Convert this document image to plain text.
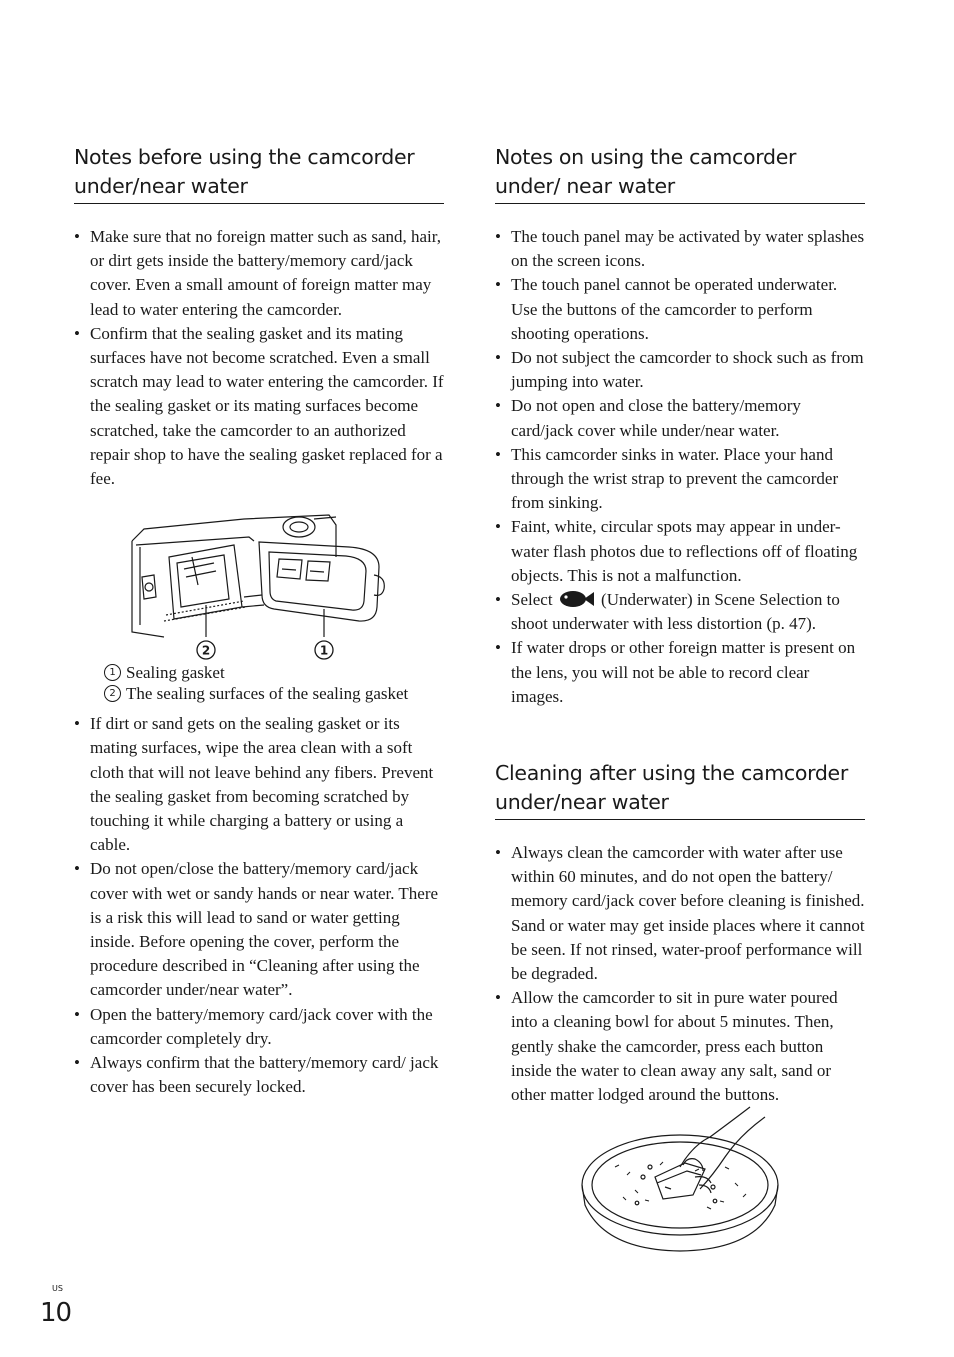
Notes before using the camcorder under/near water
• Make sure that no foreign matter such as sand, hair, or dirt gets inside the battery/memory card/jack cover. Even a small amount of foreign matter may lead to water entering the camcorder.
• Confirm that the sealing gasket and its mating surfaces have not become scratched. Even a small scratch may lead to water entering the camcorder. If the sealing gasket or its mating surfaces become scratched, take the camcorder to an authorized repair shop to have the sealing gasket replaced for a fee.
2	1
1 Sealing gasket
2 The sealing surfaces of the sealing gasket
• If dirt or sand gets on the sealing gasket or its mating surfaces, wipe the area clean with a soft cloth that will not leave behind any fibers. Prevent the sealing gasket from becoming scratched by touching it while charging a battery or using a cable.
• Do not open/close the battery/memory card/jack cover with wet or sandy hands or near water. There is a risk this will lead to sand or water getting inside. Before opening the cover, perform the procedure described in “Cleaning after using the camcorder under/near water”.
• Open the battery/memory card/jack cover with the camcorder completely dry.
• Always confirm that the battery/memory card/ jack cover has been securely locked.
Notes on using the camcorder under/ near water
• The touch panel may be activated by water splashes on the screen icons.
• The touch panel cannot be operated underwater. Use the buttons of the camcorder to perform shooting operations.
• Do not subject the camcorder to shock such as from jumping into water.
• Do not open and close the battery/memory card/jack cover while under/near water.
• This camcorder sinks in water. Place your hand through the wrist strap to prevent the camcorder from sinking.
• Faint, white, circular spots may appear in under-water flash photos due to reflections off of floating objects. This is not a malfunction.
• Select	(Underwater) in Scene Selection to shoot underwater with less distortion (p. 47).
• If water drops or other foreign matter is present on the lens, you will not be able to record clear images.
Cleaning after using the camcorder under/near water
• Always clean the camcorder with water after use within 60 minutes, and do not open the battery/ memory card/jack cover before cleaning is finished. Sand or water may get inside places where it cannot be seen. If not rinsed, water-proof performance will be degraded.
• Allow the camcorder to sit in pure water poured into a cleaning bowl for about 5 minutes. Then, gently shake the camcorder, press each button inside the water to clean away any salt, sand or other matter lodged around the buttons.
US
10
